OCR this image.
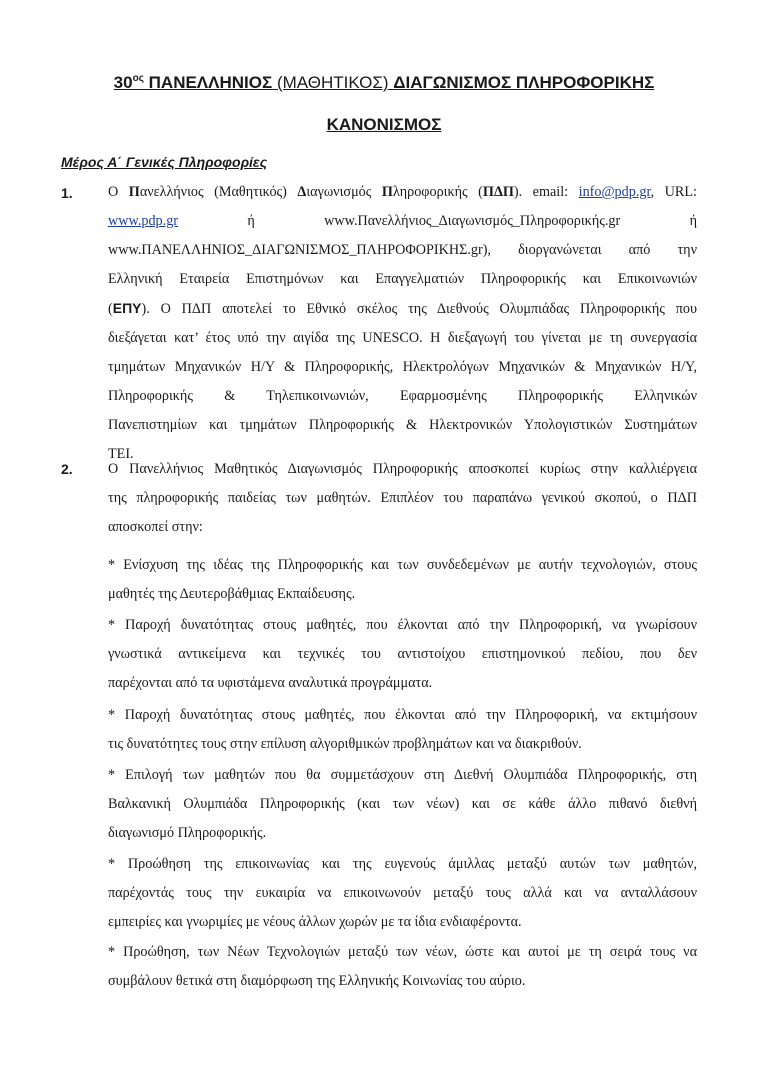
$30^{o\varsigma}$ ΠΑΝΕΛΛΗΝΙΟΣ (ΜΑΘΗΤΙΚΟΣ) ΔΙΑΓΩΝΙΣΜΟΣ ΠΛΗΡΟΦΟΡΙΚΗΣ
ΚΑΝΟΝΙΣΜΟΣ
Μέρος Α΄ Γενικές Πληροφορίες
1. Ο Πανελλήνιος (Μαθητικός) Διαγωνισμός Πληροφορικής (ΠΔΠ). email: info@pdp.gr, URL:
www.pdp.gr	ή	www.Πανελλήνιος_Διαγωνισμός_Πληροφορικής.gr	ή
www.ΠΑΝΕΛΛΗΝΙΟΣ_ΔΙΑΓΩΝΙΣΜΟΣ_ΠΛΗΡΟΦΟΡΙΚΗΣ.gr), διοργανώνεται από την
Ελληνική Εταιρεία Επιστημόνων και Επαγγελματιών Πληροφορικής και Επικοινωνιών
(ΕΠΥ). Ο ΠΔΠ αποτελεί το Εθνικό σκέλος της Διεθνούς Ολυμπιάδας Πληροφορικής που
διεξάγεται κατ’ έτος υπό την αιγίδα της UNESCO. Η διεξαγωγή του γίνεται με τη συνεργασία
τμημάτων Μηχανικών Η/Υ & Πληροφορικής, Ηλεκτρολόγων Μηχανικών & Μηχανικών Η/Υ,
Πληροφορικής & Τηλεπικοινωνιών, Εφαρμοσμένης Πληροφορικής Ελληνικών
Πανεπιστημίων και τμημάτων Πληροφορικής & Ηλεκτρονικών Υπολογιστικών Συστημάτων
ΤΕΙ.
2. Ο Πανελλήνιος Μαθητικός Διαγωνισμός Πληροφορικής αποσκοπεί κυρίως στην καλλιέργεια
της πληροφορικής παιδείας των μαθητών. Επιπλέον του παραπάνω γενικού σκοπού, ο ΠΔΠ
αποσκοπεί στην:
* Ενίσχυση της ιδέας της Πληροφορικής και των συνδεδεμένων με αυτήν τεχνολογιών, στους
μαθητές της Δευτεροβάθμιας Εκπαίδευσης.
* Παροχή δυνατότητας στους μαθητές, που έλκονται από την Πληροφορική, να γνωρίσουν
γνωστικά αντικείμενα και τεχνικές του αντιστοίχου επιστημονικού πεδίου, που δεν
παρέχονται από τα υφιστάμενα αναλυτικά προγράμματα.
* Παροχή δυνατότητας στους μαθητές, που έλκονται από την Πληροφορική, να εκτιμήσουν
τις δυνατότητες τους στην επίλυση αλγοριθμικών προβλημάτων και να διακριθούν.
* Επιλογή των μαθητών που θα συμμετάσχουν στη Διεθνή Ολυμπιάδα Πληροφορικής, στη
Βαλκανική Ολυμπιάδα Πληροφορικής (και των νέων) και σε κάθε άλλο πιθανό διεθνή
διαγωνισμό Πληροφορικής.
* Προώθηση της επικοινωνίας και της ευγενούς άμιλλας μεταξύ αυτών των μαθητών,
παρέχοντάς τους την ευκαιρία να επικοινωνούν μεταξύ τους αλλά και να ανταλλάσουν
εμπειρίες και γνωριμίες με νέους άλλων χωρών με τα ίδια ενδιαφέροντα.
* Προώθηση, των Νέων Τεχνολογιών μεταξύ των νέων, ώστε και αυτοί με τη σειρά τους να
συμβάλουν θετικά στη διαμόρφωση της Ελληνικής Κοινωνίας του αύριο.
